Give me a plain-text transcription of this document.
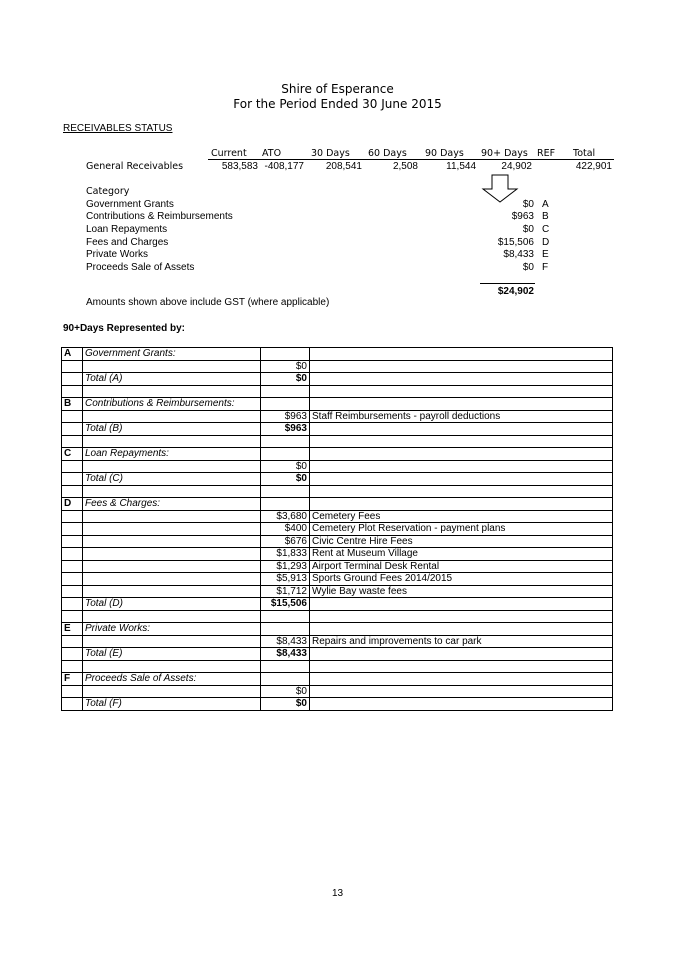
Shire of Esperance
For the Period Ended 30 June 2015
RECEIVABLES STATUS
Current ATO	30 Days 60 Days 90 Days 90+ Days REF Total
General Receivables	583,583 -408,177	208,541	2,508	11,544	24,902	422,901
Category
Government Grants	$0 A
Contributions & Reimbursements	$963 B
Loan Repayments	$0 C
Fees and Charges	$15,506 D
Private Works	$8,433 E
Proceeds Sale of Assets	$0 F
$24,902
Amounts shown above include GST (where applicable)
90+Days Represented by:
A	Government Grants:		
		$0	
	Total (A)	$0	

B	Contributions & Reimbursements:		
		$963	Staff Reimbursements - payroll deductions
	Total (B)	$963	

C	Loan Repayments:		
		$0	
	Total (C)	$0	

D	Fees & Charges:		
		$3,680	Cemetery Fees
		$400	Cemetery Plot Reservation - payment plans
		$676	Civic Centre Hire Fees
		$1,833	Rent at Museum Village
		$1,293	Airport Terminal Desk Rental
		$5,913	Sports Ground Fees 2014/2015
		$1,712	Wylie Bay waste fees
	Total (D)	$15,506	

E	Private Works:		
		$8,433	Repairs and improvements to car park
	Total (E)	$8,433	

F	Proceeds Sale of Assets:		
		$0	
	Total (F)	$0	
13
